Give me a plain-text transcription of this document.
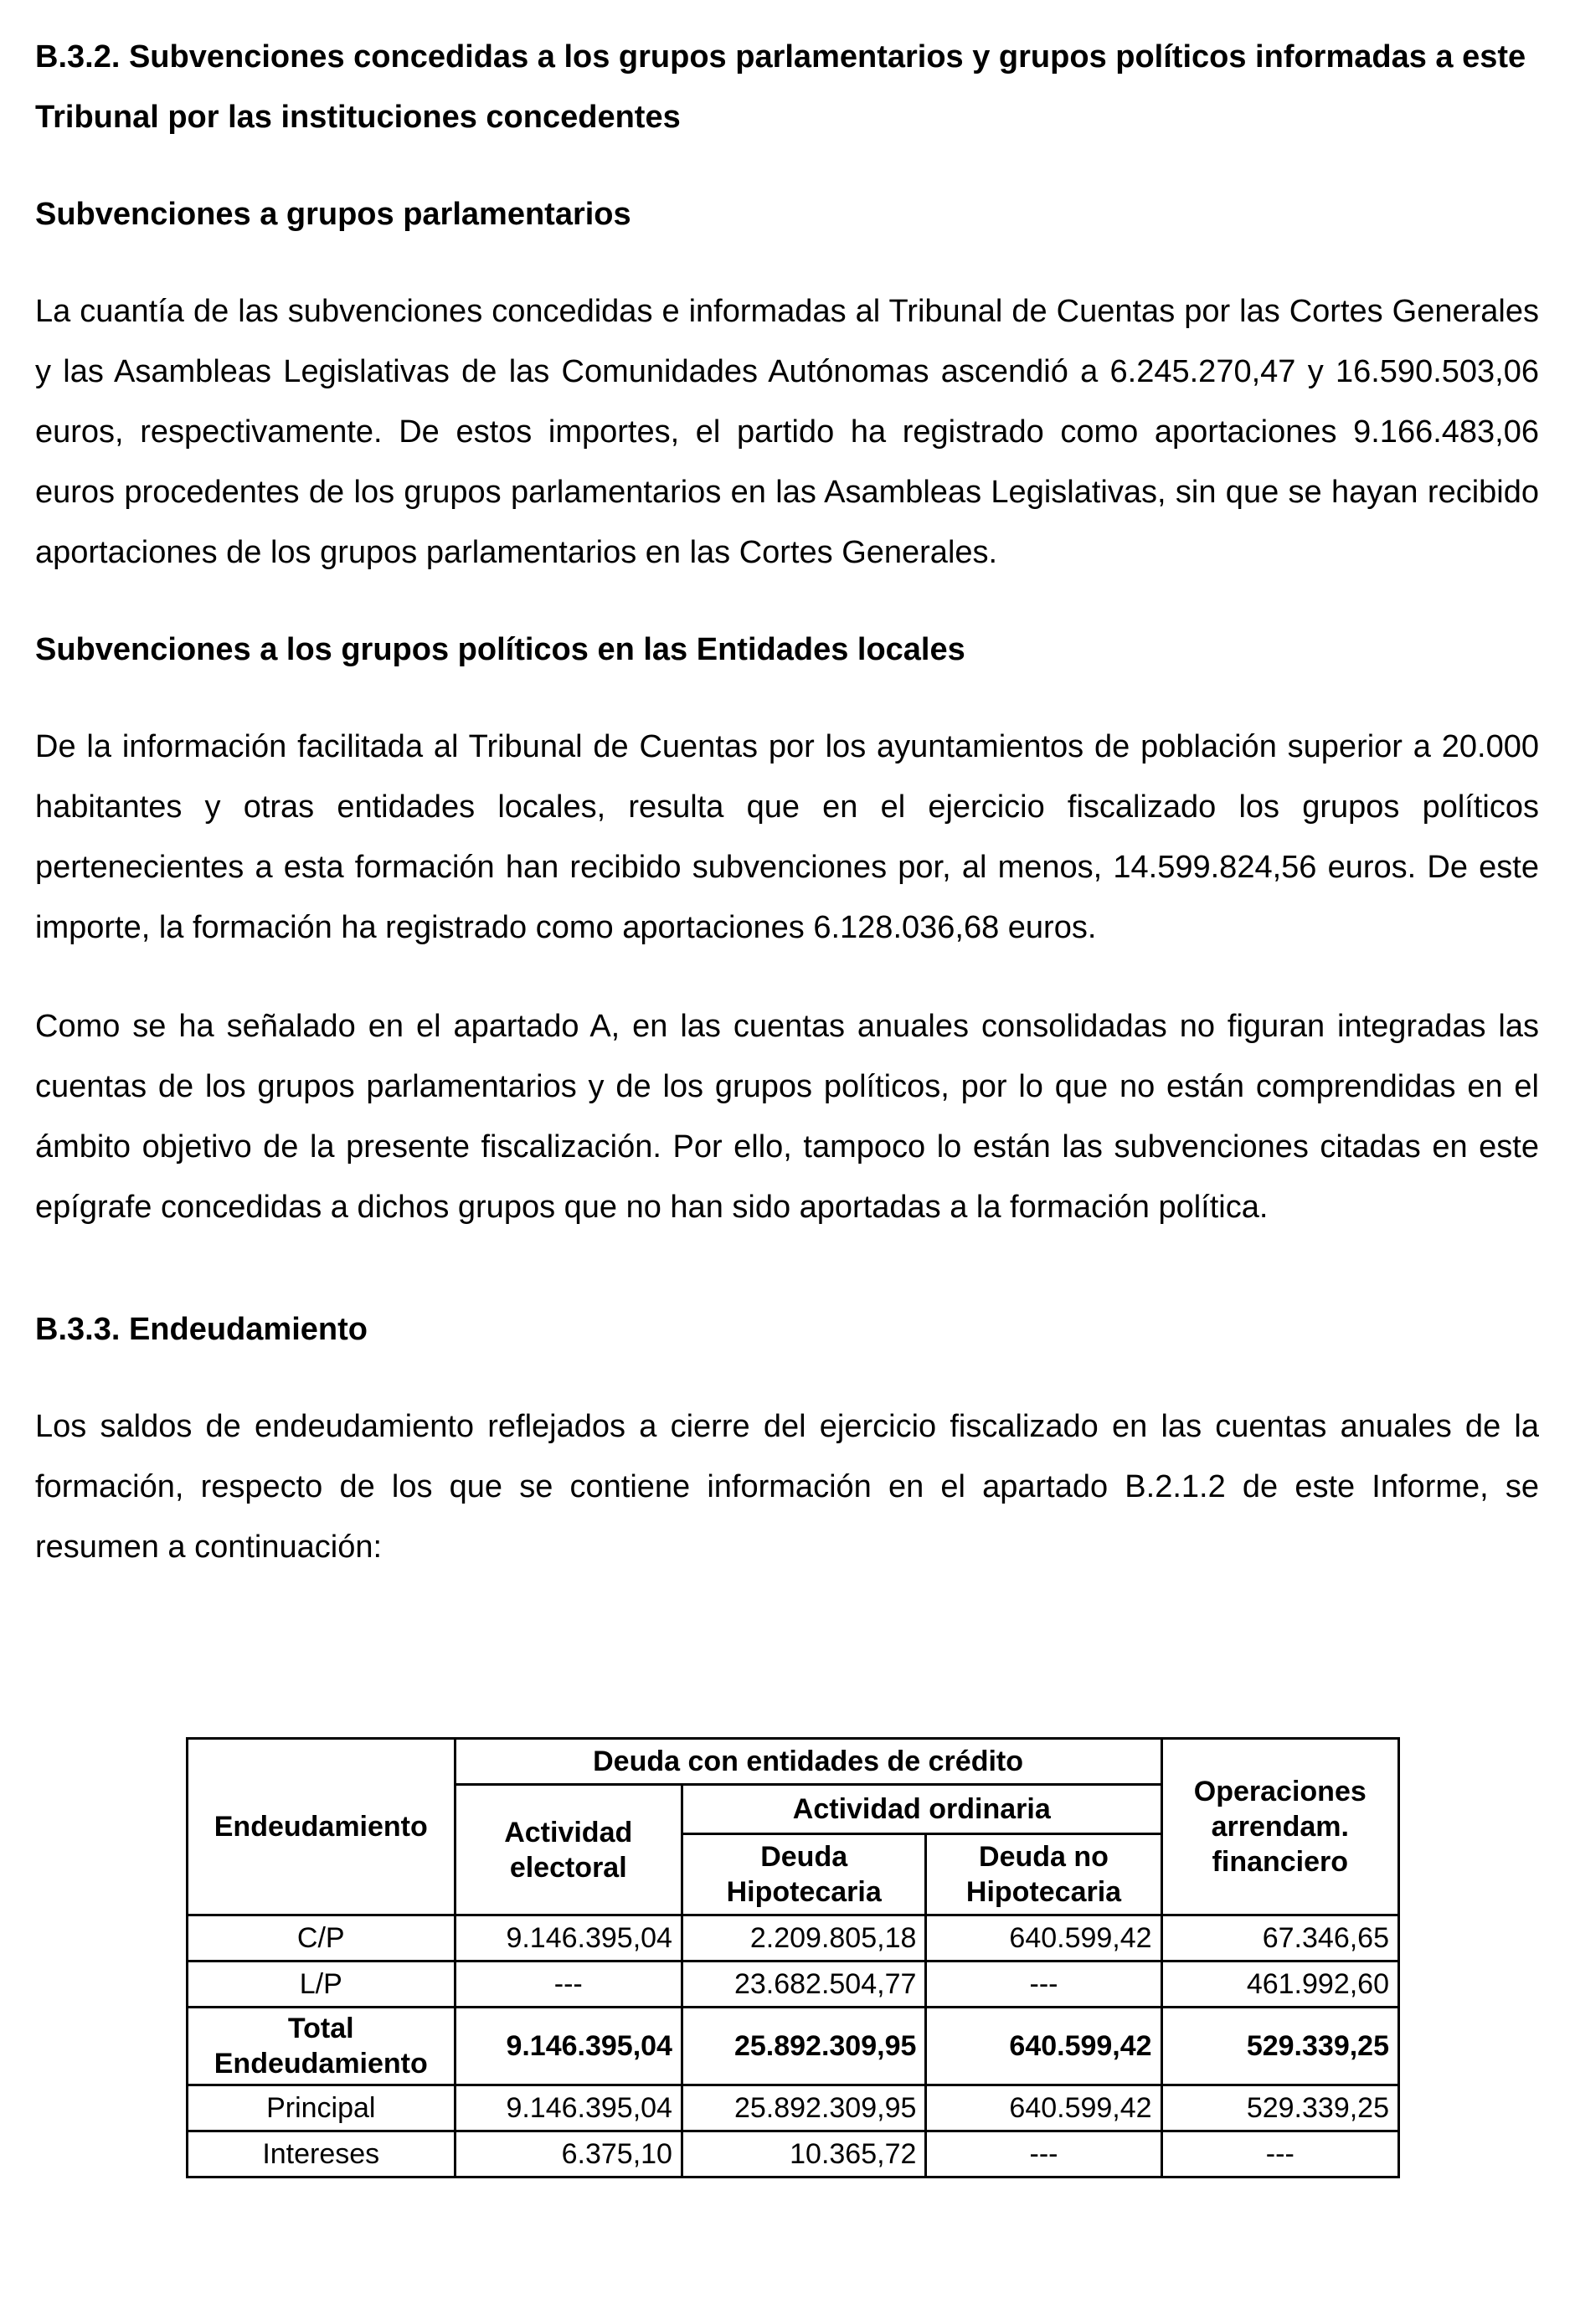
B.3.2. Subvenciones concedidas a los grupos parlamentarios y grupos políticos informadas a este Tribunal por las instituciones concedentes
Subvenciones a grupos parlamentarios

La cuantía de las subvenciones concedidas e informadas al Tribunal de Cuentas por las Cortes Generales y las Asambleas Legislativas de las Comunidades Autónomas ascendió a 6.245.270,47 y 16.590.503,06 euros, respectivamente. De estos importes, el partido ha registrado como aportaciones 9.166.483,06 euros procedentes de los grupos parlamentarios en las Asambleas Legislativas, sin que se hayan recibido aportaciones de los grupos parlamentarios en las Cortes Generales.

Subvenciones a los grupos políticos en las Entidades locales

De la información facilitada al Tribunal de Cuentas por los ayuntamientos de población superior a 20.000 habitantes y otras entidades locales, resulta que en el ejercicio fiscalizado los grupos políticos pertenecientes a esta formación han recibido subvenciones por, al menos, 14.599.824,56 euros. De este importe, la formación ha registrado como aportaciones 6.128.036,68 euros.

Como se ha señalado en el apartado A, en las cuentas anuales consolidadas no figuran integradas las cuentas de los grupos parlamentarios y de los grupos políticos, por lo que no están comprendidas en el ámbito objetivo de la presente fiscalización. Por ello, tampoco lo están las subvenciones citadas en este epígrafe concedidas a dichos grupos que no han sido aportadas a la formación política.

B.3.3. Endeudamiento

Los saldos de endeudamiento reflejados a cierre del ejercicio fiscalizado en las cuentas anuales de la formación, respecto de los que se contiene información en el apartado B.2.1.2 de este Informe, se resumen a continuación:

Endeudamiento	Deuda con entidades de crédito			Operaciones arrendam. financiero
	Actividad electoral	Actividad ordinaria		
		Deuda Hipotecaria	Deuda no Hipotecaria	
C/P	9.146.395,04	2.209.805,18	640.599,42	67.346,65
L/P	---	23.682.504,77	---	461.992,60
Total Endeudamiento	9.146.395,04	25.892.309,95	640.599,42	529.339,25
Principal	9.146.395,04	25.892.309,95	640.599,42	529.339,25
Intereses	6.375,10	10.365,72	---	---
